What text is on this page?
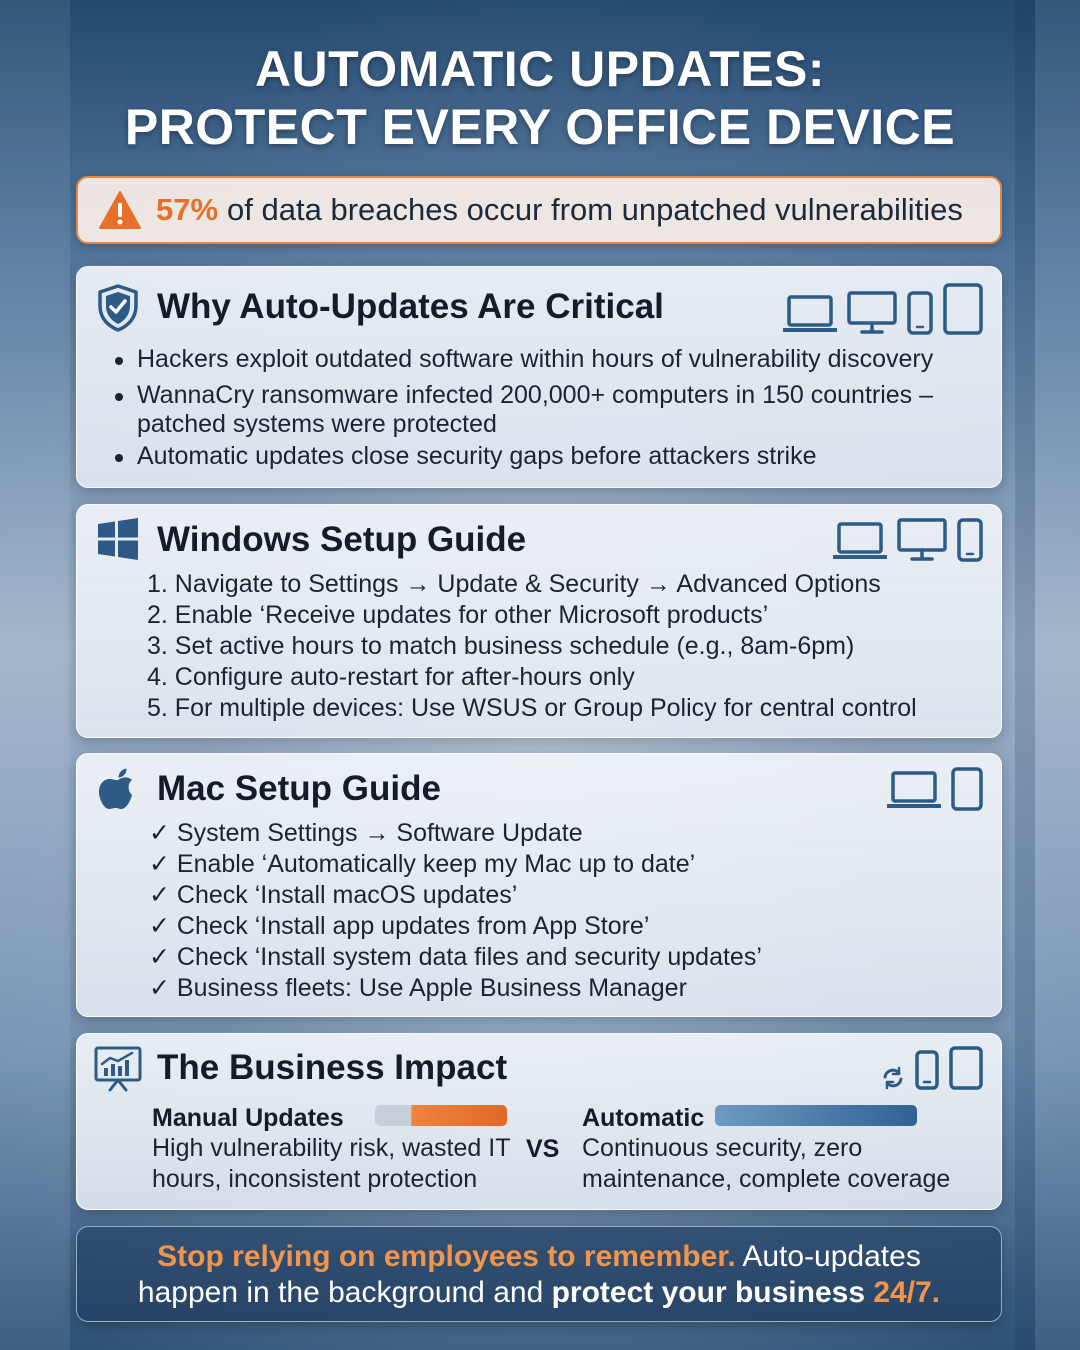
AUTOMATIC UPDATES:
PROTECT EVERY OFFICE DEVICE
57% of data breaches occur from unpatched vulnerabilities
Why Auto-Updates Are Critical
Hackers exploit outdated software within hours of vulnerability discovery
WannaCry ransomware infected 200,000+ computers in 150 countries –
patched systems were protected
Automatic updates close security gaps before attackers strike
Windows Setup Guide
1. Navigate to Settings → Update & Security → Advanced Options
2. Enable ‘Receive updates for other Microsoft products’
3. Set active hours to match business schedule (e.g., 8am-6pm)
4. Configure auto-restart for after-hours only
5. For multiple devices: Use WSUS or Group Policy for central control
Mac Setup Guide
✓ System Settings → Software Update
✓ Enable ‘Automatically keep my Mac up to date’
✓ Check ‘Install macOS updates’
✓ Check ‘Install app updates from App Store’
✓ Check ‘Install system data files and security updates’
✓ Business fleets: Use Apple Business Manager
The Business Impact
Manual Updates
High vulnerability risk, wasted IT
hours, inconsistent protection
VS
Automatic
Continuous security, zero
maintenance, complete coverage
Stop relying on employees to remember. Auto-updates
happen in the background and protect your business 24/7.
